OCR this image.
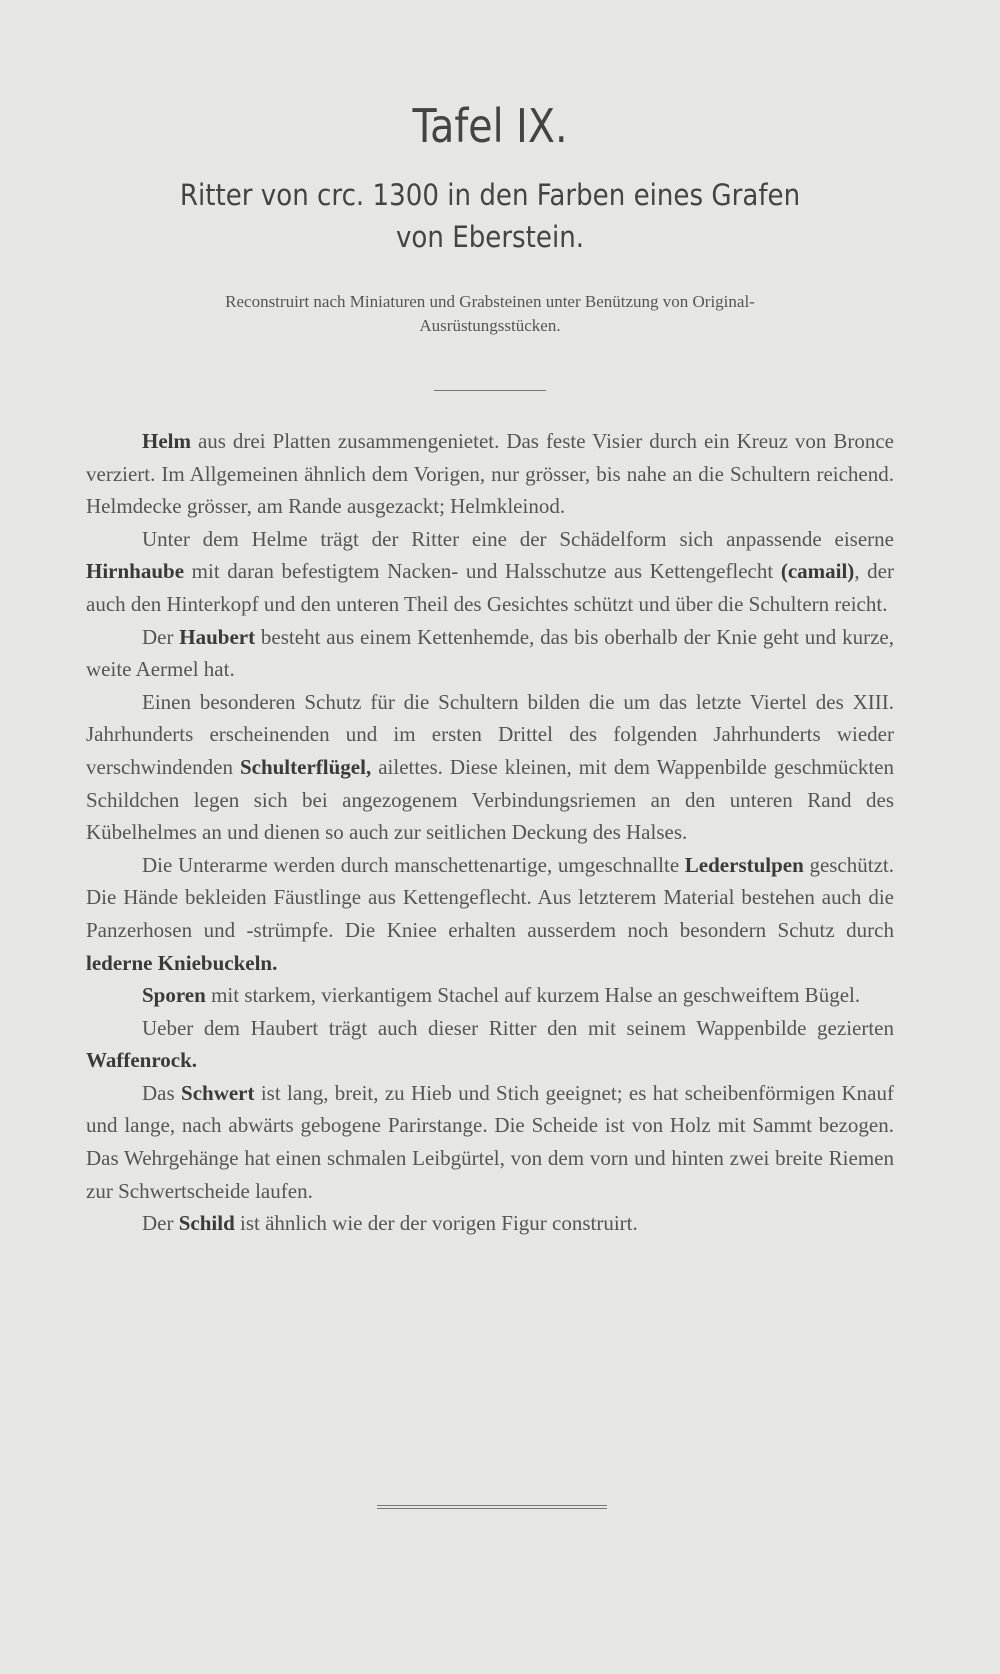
Tafel IX.
Ritter von crc. 1300 in den Farben eines Grafen
von Eberstein.
Reconstruirt nach Miniaturen und Grabsteinen unter Benützung von Original-
Ausrüstungsstücken.

Helm aus drei Platten zusammengenietet. Das feste Visier durch ein Kreuz von Bronce verziert. Im Allgemeinen ähnlich dem Vorigen, nur grösser, bis nahe an die Schultern reichend. Helmdecke grösser, am Rande ausgezackt; Helmkleinod.

Unter dem Helme trägt der Ritter eine der Schädelform sich anpassende eiserne Hirnhaube mit daran befestigtem Nacken- und Halsschutze aus Kettengeflecht (camail), der auch den Hinterkopf und den unteren Theil des Gesichtes schützt und über die Schultern reicht.

Der Haubert besteht aus einem Kettenhemde, das bis oberhalb der Knie geht und kurze, weite Aermel hat.

Einen besonderen Schutz für die Schultern bilden die um das letzte Viertel des XIII. Jahrhunderts erscheinenden und im ersten Drittel des folgenden Jahrhunderts wieder verschwindenden Schulterflügel, ailettes. Diese kleinen, mit dem Wappenbilde geschmückten Schildchen legen sich bei angezogenem Verbindungsriemen an den unteren Rand des Kübelhelmes an und dienen so auch zur seitlichen Deckung des Halses.

Die Unterarme werden durch manschettenartige, umgeschnallte Lederstulpen geschützt. Die Hände bekleiden Fäustlinge aus Kettengeflecht. Aus letzterem Material bestehen auch die Panzerhosen und -strümpfe. Die Kniee erhalten ausserdem noch besondern Schutz durch lederne Kniebuckeln.

Sporen mit starkem, vierkantigem Stachel auf kurzem Halse an geschweiftem Bügel.

Ueber dem Haubert trägt auch dieser Ritter den mit seinem Wappenbilde gezierten Waffenrock.

Das Schwert ist lang, breit, zu Hieb und Stich geeignet; es hat scheibenförmigen Knauf und lange, nach abwärts gebogene Parirstange. Die Scheide ist von Holz mit Sammt bezogen. Das Wehrgehänge hat einen schmalen Leibgürtel, von dem vorn und hinten zwei breite Riemen zur Schwertscheide laufen.

Der Schild ist ähnlich wie der der vorigen Figur construirt.
